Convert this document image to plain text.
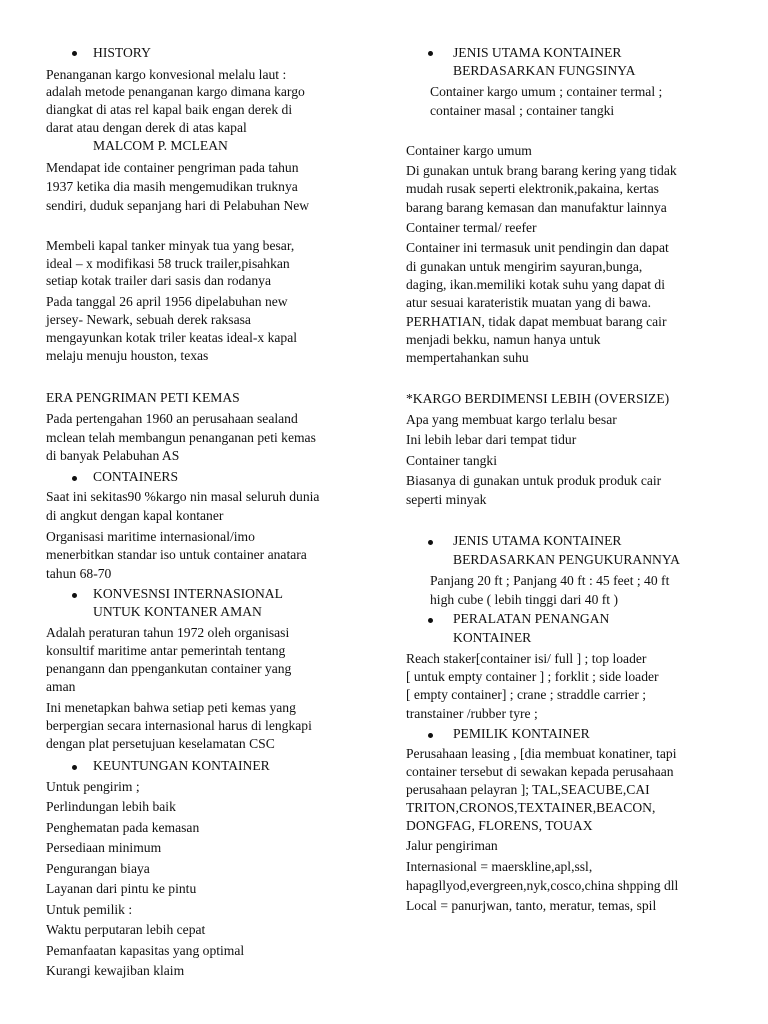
HISTORY
Penanganan kargo konvesional melalu laut :
adalah metode penanganan kargo dimana kargo
diangkat di atas rel kapal baik engan derek di
darat atau dengan derek di atas kapal
MALCOM P. MCLEAN
Mendapat ide container pengriman pada tahun
1937 ketika dia masih mengemudikan truknya
sendiri, duduk sepanjang hari di Pelabuhan New
Membeli kapal tanker minyak tua yang besar,
ideal – x modifikasi 58 truck trailer,pisahkan
setiap kotak trailer dari sasis dan rodanya
Pada tanggal 26 april 1956 dipelabuhan new
jersey- Newark, sebuah derek raksasa
mengayunkan kotak triler keatas ideal-x kapal
melaju menuju houston, texas
ERA PENGRIMAN PETI KEMAS
Pada pertengahan 1960 an perusahaan sealand
mclean telah membangun penanganan peti kemas
di banyak Pelabuhan AS
CONTAINERS
Saat ini sekitas90 %kargo nin masal seluruh dunia
di angkut dengan kapal kontaner
Organisasi maritime internasional/imo
menerbitkan standar iso untuk container anatara
tahun 68-70
KONVESNSI INTERNASIONAL
UNTUK KONTANER AMAN
Adalah peraturan tahun 1972 oleh organisasi
konsultif maritime antar pemerintah tentang
penangann dan ppengankutan container yang
aman
Ini menetapkan bahwa setiap peti kemas yang
berpergian secara internasional harus di lengkapi
dengan plat persetujuan keselamatan CSC
KEUNTUNGAN KONTAINER
Untuk pengirim ;
Perlindungan lebih baik
Penghematan pada kemasan
Persediaan minimum
Pengurangan biaya
Layanan dari pintu ke pintu
Untuk pemilik :
Waktu perputaran lebih cepat
Pemanfaatan kapasitas yang optimal
Kurangi kewajiban klaim
JENIS UTAMA KONTAINER
BERDASARKAN FUNGSINYA
Container kargo umum ; container termal ;
container masal ; container tangki
Container kargo umum
Di gunakan untuk brang barang kering yang tidak
mudah rusak seperti elektronik,pakaina, kertas
barang barang kemasan dan manufaktur lainnya
Container termal/ reefer
Container ini termasuk unit pendingin dan dapat
di gunakan untuk mengirim sayuran,bunga,
daging, ikan.memiliki kotak suhu yang dapat di
atur sesuai karateristik muatan yang di bawa.
PERHATIAN, tidak dapat membuat barang cair
menjadi bekku, namun hanya untuk
mempertahankan suhu
*KARGO BERDIMENSI LEBIH (OVERSIZE)
Apa yang membuat kargo terlalu besar
Ini lebih lebar dari tempat tidur
Container tangki
Biasanya di gunakan untuk produk produk cair
seperti minyak
JENIS UTAMA KONTAINER
BERDASARKAN PENGUKURANNYA
Panjang 20 ft ; Panjang 40 ft : 45 feet ; 40 ft
high cube ( lebih tinggi dari 40 ft )
PERALATAN PENANGAN
KONTAINER
Reach staker[container isi/ full ] ; top loader
[ untuk empty container ] ; forklit ; side loader
[ empty container] ; crane ; straddle carrier ;
transtainer /rubber tyre ;
PEMILIK KONTAINER
Perusahaan leasing , [dia membuat konatiner, tapi
container tersebut di sewakan kepada perusahaan
perusahaan pelayran ]; TAL,SEACUBE,CAI
TRITON,CRONOS,TEXTAINER,BEACON,
DONGFAG, FLORENS, TOUAX
Jalur pengiriman
Internasional = maerskline,apl,ssl,
hapagllyod,evergreen,nyk,cosco,china shpping dll
Local = panurjwan, tanto, meratur, temas, spil
